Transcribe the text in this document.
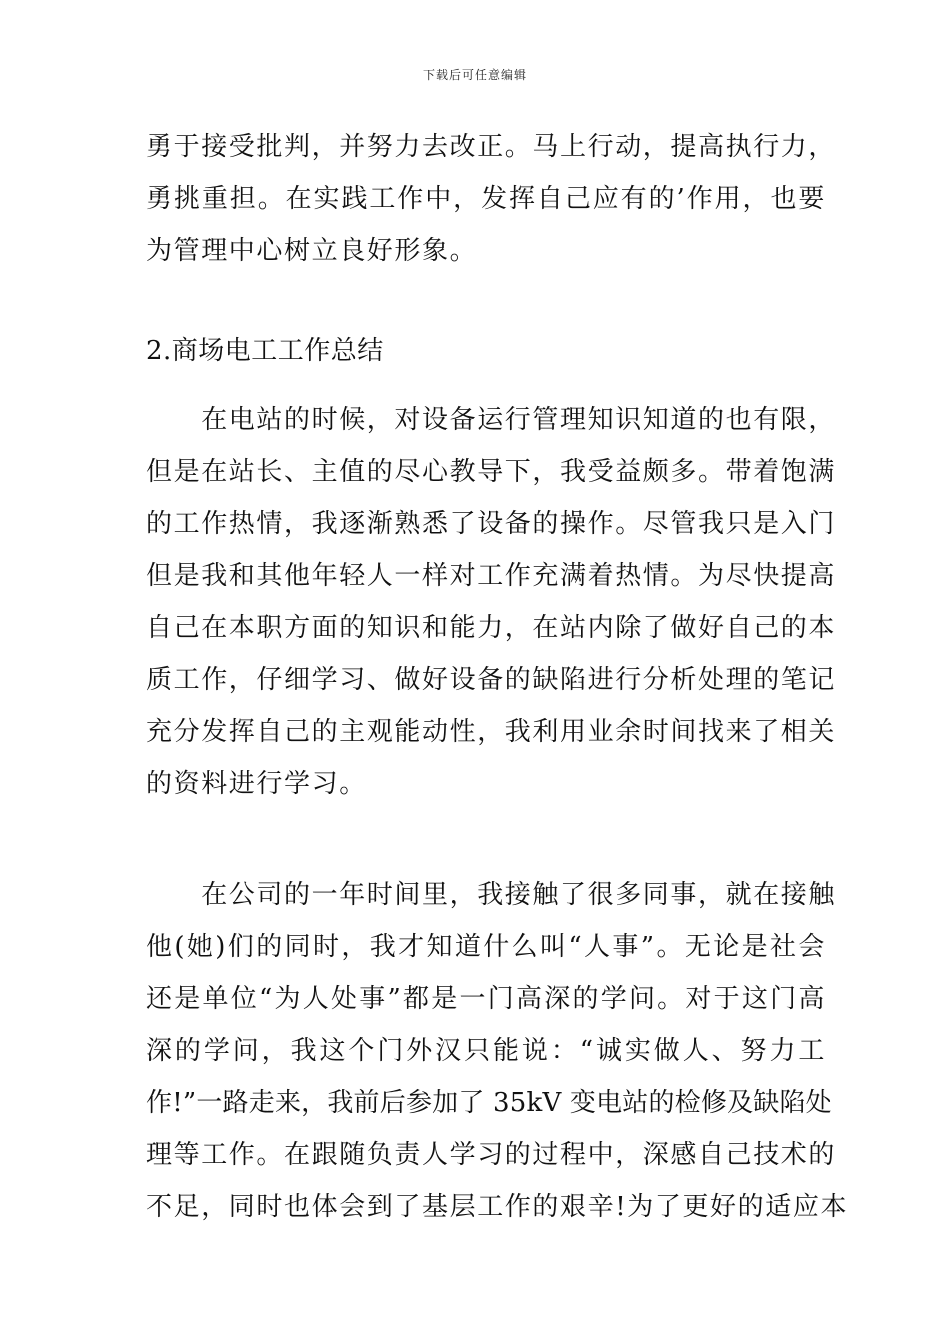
下载后可任意编辑
勇于接受批判，并努力去改正。马上行动，提高执行力，
勇挑重担。在实践工作中，发挥自己应有的’作用，也要
为管理中心树立良好形象。
2.商场电工工作总结
　　在电站的时候，对设备运行管理知识知道的也有限，
但是在站长、主值的尽心教导下，我受益颇多。带着饱满
的工作热情，我逐渐熟悉了设备的操作。尽管我只是入门
但是我和其他年轻人一样对工作充满着热情。为尽快提高
自己在本职方面的知识和能力，在站内除了做好自己的本
质工作，仔细学习、做好设备的缺陷进行分析处理的笔记
充分发挥自己的主观能动性，我利用业余时间找来了相关
的资料进行学习。
　　在公司的一年时间里，我接触了很多同事，就在接触
他(她)们的同时，我才知道什么叫“人事”。无论是社会
还是单位“为人处事”都是一门高深的学问。对于这门高
深的学问，我这个门外汉只能说：“诚实做人、努力工
作!”一路走来，我前后参加了 35kV 变电站的检修及缺陷处
理等工作。在跟随负责人学习的过程中，深感自己技术的
不足，同时也体会到了基层工作的艰辛!为了更好的适应本
